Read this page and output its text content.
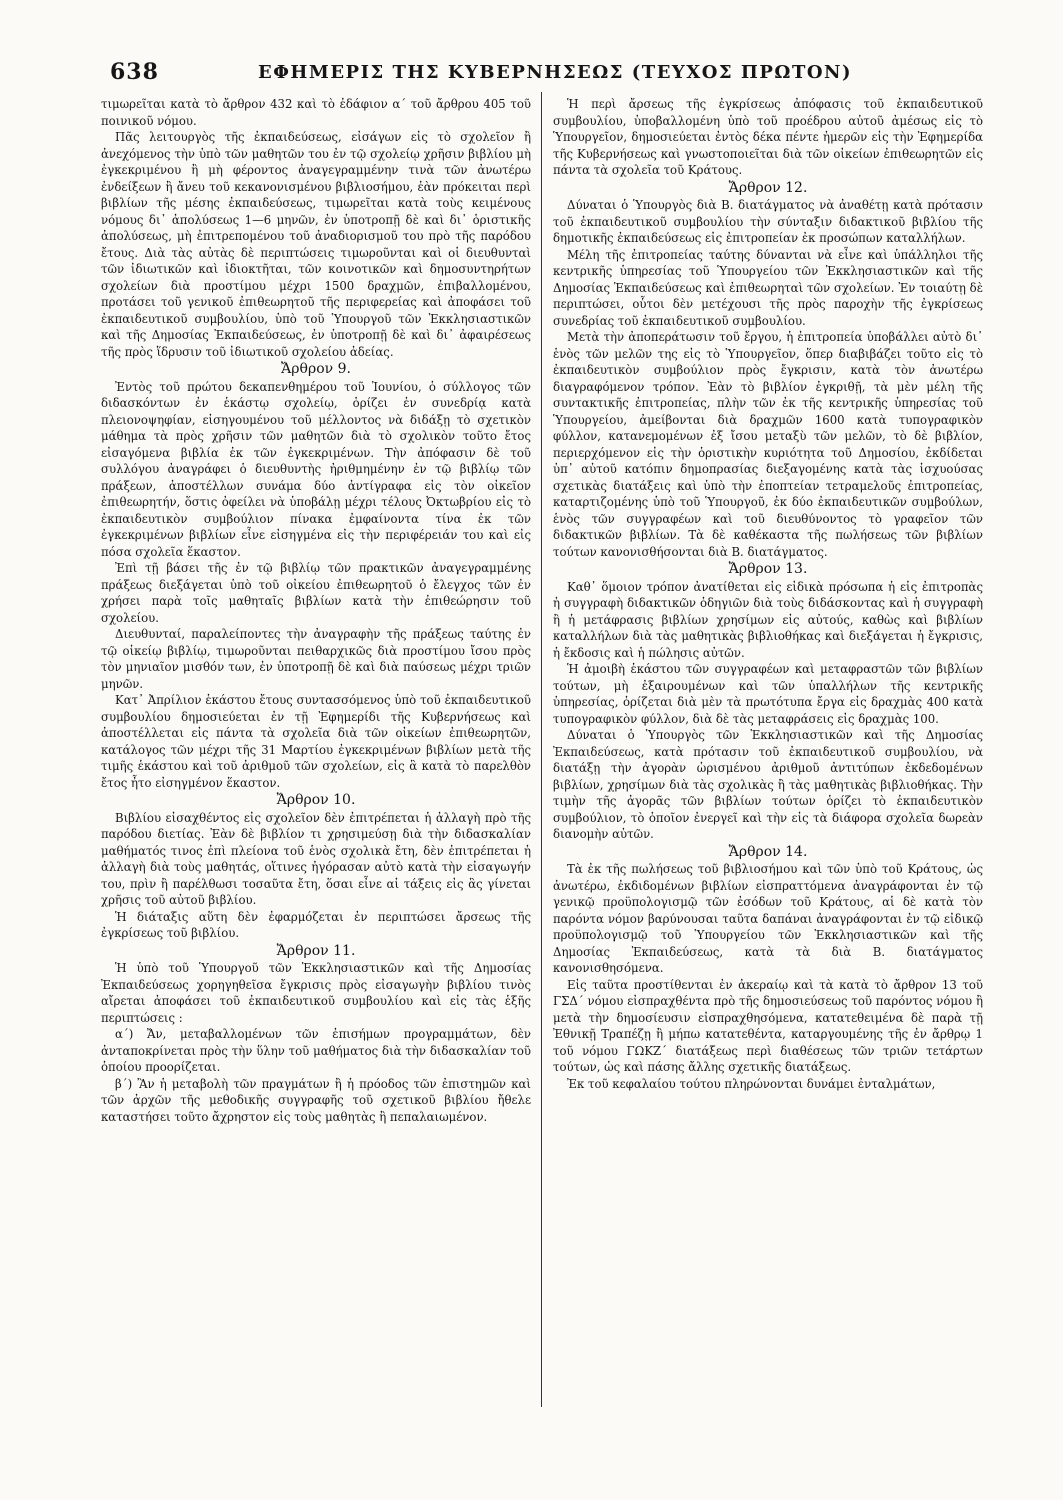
638	ΕΦΗΜΕΡΙΣ ΤΗΣ ΚΥΒΕΡΝΗΣΕΩΣ (ΤΕΥΧΟΣ ΠΡΩΤΟΝ)

τιμωρεῖται κατὰ τὸ ἄρθρον 432 καὶ τὸ ἐδάφιον α΄ τοῦ ἄρθρου 405 τοῦ ποινικοῦ νόμου.

Πᾶς λειτουργὸς τῆς ἐκπαιδεύσεως, εἰσάγων εἰς τὸ σχολεῖον ἢ ἀνεχόμενος τὴν ὑπὸ τῶν μαθητῶν του ἐν τῷ σχολείῳ χρῆσιν βιβλίου μὴ ἐγκεκριμένου ἢ μὴ φέροντος ἀναγεγραμμένην τινὰ τῶν ἀνωτέρω ἐνδείξεων ἢ ἄνευ τοῦ κεκανονισμένου βιβλιοσήμου, ἐὰν πρόκειται περὶ βιβλίων τῆς μέσης ἐκπαιδεύσεως, τιμωρεῖται κατὰ τοὺς κειμένους νόμους δι᾽ ἀπολύσεως 1—6 μηνῶν, ἐν ὑποτροπῇ δὲ καὶ δι᾽ ὁριστικῆς ἀπολύσεως, μὴ ἐπιτρεπομένου τοῦ ἀναδιορισμοῦ του πρὸ τῆς παρόδου ἔτους. Διὰ τὰς αὐτὰς δὲ περιπτώσεις τιμωροῦνται καὶ οἱ διευθυνταὶ τῶν ἰδιωτικῶν καὶ ἰδιοκτῆται, τῶν κοινοτικῶν καὶ δημοσυντηρήτων σχολείων διὰ προστίμου μέχρι 1500 δραχμῶν, ἐπιβαλλομένου, προτάσει τοῦ γενικοῦ ἐπιθεωρητοῦ τῆς περιφερείας καὶ ἀποφάσει τοῦ ἐκπαιδευτικοῦ συμβουλίου, ὑπὸ τοῦ Ὑπουργοῦ τῶν Ἐκκλησιαστικῶν καὶ τῆς Δημοσίας Ἐκπαιδεύσεως, ἐν ὑποτροπῇ δὲ καὶ δι᾽ ἀφαιρέσεως τῆς πρὸς ἵδρυσιν τοῦ ἰδιωτικοῦ σχολείου ἀδείας.

Ἄρθρον 9.

Ἐντὸς τοῦ πρώτου δεκαπενθημέρου τοῦ Ἰουνίου, ὁ σύλλογος τῶν διδασκόντων ἐν ἑκάστῳ σχολείῳ, ὁρίζει ἐν συνεδρίᾳ κατὰ πλειονοψηφίαν, εἰσηγουμένου τοῦ μέλλοντος νὰ διδάξῃ τὸ σχετικὸν μάθημα τὰ πρὸς χρῆσιν τῶν μαθητῶν διὰ τὸ σχολικὸν τοῦτο ἔτος εἰσαγόμενα βιβλία ἐκ τῶν ἐγκεκριμένων. Τὴν ἀπόφασιν δὲ τοῦ συλλόγου ἀναγράφει ὁ διευθυντὴς ἠριθμημένην ἐν τῷ βιβλίῳ τῶν πράξεων, ἀποστέλλων συνάμα δύο ἀντίγραφα εἰς τὸν οἰκεῖον ἐπιθεωρητήν, ὅστις ὀφείλει νὰ ὑποβάλῃ μέχρι τέλους Ὀκτωβρίου εἰς τὸ ἐκπαιδευτικὸν συμβούλιον πίνακα ἐμφαίνοντα τίνα ἐκ τῶν ἐγκεκριμένων βιβλίων εἶνε εἰσηγμένα εἰς τὴν περιφέρειάν του καὶ εἰς πόσα σχολεῖα ἕκαστον.

Ἐπὶ τῇ βάσει τῆς ἐν τῷ βιβλίῳ τῶν πρακτικῶν ἀναγεγραμμένης πράξεως διεξάγεται ὑπὸ τοῦ οἰκείου ἐπιθεωρητοῦ ὁ ἔλεγχος τῶν ἐν χρήσει παρὰ τοῖς μαθηταῖς βιβλίων κατὰ τὴν ἐπιθεώρησιν τοῦ σχολείου.

Διευθυνταί, παραλείποντες τὴν ἀναγραφὴν τῆς πράξεως ταύτης ἐν τῷ οἰκείῳ βιβλίῳ, τιμωροῦνται πειθαρχικῶς διὰ προστίμου ἴσου πρὸς τὸν μηνιαῖον μισθόν των, ἐν ὑποτροπῇ δὲ καὶ διὰ παύσεως μέχρι τριῶν μηνῶν.

Κατ᾽ Ἀπρίλιον ἑκάστου ἔτους συντασσόμενος ὑπὸ τοῦ ἐκπαιδευτικοῦ συμβουλίου δημοσιεύεται ἐν τῇ Ἐφημερίδι τῆς Κυβερνήσεως καὶ ἀποστέλλεται εἰς πάντα τὰ σχολεῖα διὰ τῶν οἰκείων ἐπιθεωρητῶν, κατάλογος τῶν μέχρι τῆς 31 Μαρτίου ἐγκεκριμένων βιβλίων μετὰ τῆς τιμῆς ἑκάστου καὶ τοῦ ἀριθμοῦ τῶν σχολείων, εἰς ἃ κατὰ τὸ παρελθὸν ἔτος ἦτο εἰσηγμένον ἕκαστον.

Ἄρθρον 10.

Βιβλίου εἰσαχθέντος εἰς σχολεῖον δὲν ἐπιτρέπεται ἡ ἀλλαγὴ πρὸ τῆς παρόδου διετίας. Ἐὰν δὲ βιβλίον τι χρησιμεύσῃ διὰ τὴν διδασκαλίαν μαθήματός τινος ἐπὶ πλείονα τοῦ ἑνὸς σχολικὰ ἔτη, δὲν ἐπιτρέπεται ἡ ἀλλαγὴ διὰ τοὺς μαθητάς, οἵτινες ἠγόρασαν αὐτὸ κατὰ τὴν εἰσαγωγήν του, πρὶν ἢ παρέλθωσι τοσαῦτα ἔτη, ὅσαι εἶνε αἱ τάξεις εἰς ἃς γίνεται χρῆσις τοῦ αὐτοῦ βιβλίου.

Ἡ διάταξις αὕτη δὲν ἐφαρμόζεται ἐν περιπτώσει ἄρσεως τῆς ἐγκρίσεως τοῦ βιβλίου.

Ἄρθρον 11.

Ἡ ὑπὸ τοῦ Ὑπουργοῦ τῶν Ἐκκλησιαστικῶν καὶ τῆς Δημοσίας Ἐκπαιδεύσεως χορηγηθεῖσα ἔγκρισις πρὸς εἰσαγωγὴν βιβλίου τινὸς αἴρεται ἀποφάσει τοῦ ἐκπαιδευτικοῦ συμβουλίου καὶ εἰς τὰς ἑξῆς περιπτώσεις :

α΄) Ἄν, μεταβαλλομένων τῶν ἐπισήμων προγραμμάτων, δὲν ἀνταποκρίνεται πρὸς τὴν ὕλην τοῦ μαθήματος διὰ τὴν διδασκαλίαν τοῦ ὁποίου προορίζεται.

β΄) Ἂν ἡ μεταβολὴ τῶν πραγμάτων ἢ ἡ πρόοδος τῶν ἐπιστημῶν καὶ τῶν ἀρχῶν τῆς μεθοδικῆς συγγραφῆς τοῦ σχετικοῦ βιβλίου ἤθελε καταστήσει τοῦτο ἄχρηστον εἰς τοὺς μαθητὰς ἢ πεπαλαιωμένον.

Ἡ περὶ ἄρσεως τῆς ἐγκρίσεως ἀπόφασις τοῦ ἐκπαιδευτικοῦ συμβουλίου, ὑποβαλλομένη ὑπὸ τοῦ προέδρου αὐτοῦ ἀμέσως εἰς τὸ Ὑπουργεῖον, δημοσιεύεται ἐντὸς δέκα πέντε ἡμερῶν εἰς τὴν Ἐφημερίδα τῆς Κυβερνήσεως καὶ γνωστοποιεῖται διὰ τῶν οἰκείων ἐπιθεωρητῶν εἰς πάντα τὰ σχολεῖα τοῦ Κράτους.

Ἄρθρον 12.

Δύναται ὁ Ὑπουργὸς διὰ Β. διατάγματος νὰ ἀναθέτῃ κατὰ πρότασιν τοῦ ἐκπαιδευτικοῦ συμβουλίου τὴν σύνταξιν διδακτικοῦ βιβλίου τῆς δημοτικῆς ἐκπαιδεύσεως εἰς ἐπιτροπείαν ἐκ προσώπων καταλλήλων.

Μέλη τῆς ἐπιτροπείας ταύτης δύνανται νὰ εἶνε καὶ ὑπάλληλοι τῆς κεντρικῆς ὑπηρεσίας τοῦ Ὑπουργείου τῶν Ἐκκλησιαστικῶν καὶ τῆς Δημοσίας Ἐκπαιδεύσεως καὶ ἐπιθεωρηταὶ τῶν σχολείων. Ἐν τοιαύτῃ δὲ περιπτώσει, οὗτοι δὲν μετέχουσι τῆς πρὸς παροχὴν τῆς ἐγκρίσεως συνεδρίας τοῦ ἐκπαιδευτικοῦ συμβουλίου.

Μετὰ τὴν ἀποπεράτωσιν τοῦ ἔργου, ἡ ἐπιτροπεία ὑποβάλλει αὐτὸ δι᾽ ἑνὸς τῶν μελῶν της εἰς τὸ Ὑπουργεῖον, ὅπερ διαβιβάζει τοῦτο εἰς τὸ ἐκπαιδευτικὸν συμβούλιον πρὸς ἔγκρισιν, κατὰ τὸν ἀνωτέρω διαγραφόμενον τρόπον. Ἐὰν τὸ βιβλίον ἐγκριθῇ, τὰ μὲν μέλη τῆς συντακτικῆς ἐπιτροπείας, πλὴν τῶν ἐκ τῆς κεντρικῆς ὑπηρεσίας τοῦ Ὑπουργείου, ἀμείβονται διὰ δραχμῶν 1600 κατὰ τυπογραφικὸν φύλλον, κατανεμομένων ἐξ ἴσου μεταξὺ τῶν μελῶν, τὸ δὲ βιβλίον, περιερχόμενον εἰς τὴν ὁριστικὴν κυριότητα τοῦ Δημοσίου, ἐκδίδεται ὑπ᾽ αὐτοῦ κατόπιν δημοπρασίας διεξαγομένης κατὰ τὰς ἰσχυούσας σχετικὰς διατάξεις καὶ ὑπὸ τὴν ἐποπτείαν τετραμελοῦς ἐπιτροπείας, καταρτιζομένης ὑπὸ τοῦ Ὑπουργοῦ, ἐκ δύο ἐκπαιδευτικῶν συμβούλων, ἑνὸς τῶν συγγραφέων καὶ τοῦ διευθύνοντος τὸ γραφεῖον τῶν διδακτικῶν βιβλίων. Τὰ δὲ καθέκαστα τῆς πωλήσεως τῶν βιβλίων τούτων κανονισθήσονται διὰ Β. διατάγματος.

Ἄρθρον 13.

Καθ᾽ ὅμοιον τρόπον ἀνατίθεται εἰς εἰδικὰ πρόσωπα ἡ εἰς ἐπιτροπὰς ἡ συγγραφὴ διδακτικῶν ὁδηγιῶν διὰ τοὺς διδάσκοντας καὶ ἡ συγγραφὴ ἢ ἡ μετάφρασις βιβλίων χρησίμων εἰς αὐτούς, καθὼς καὶ βιβλίων καταλλήλων διὰ τὰς μαθητικὰς βιβλιοθήκας καὶ διεξάγεται ἡ ἔγκρισις, ἡ ἔκδοσις καὶ ἡ πώλησις αὐτῶν.

Ἡ ἀμοιβὴ ἑκάστου τῶν συγγραφέων καὶ μεταφραστῶν τῶν βιβλίων τούτων, μὴ ἐξαιρουμένων καὶ τῶν ὑπαλλήλων τῆς κεντρικῆς ὑπηρεσίας, ὁρίζεται διὰ μὲν τὰ πρωτότυπα ἔργα εἰς δραχμὰς 400 κατὰ τυπογραφικὸν φύλλον, διὰ δὲ τὰς μεταφράσεις εἰς δραχμὰς 100.

Δύναται ὁ Ὑπουργὸς τῶν Ἐκκλησιαστικῶν καὶ τῆς Δημοσίας Ἐκπαιδεύσεως, κατὰ πρότασιν τοῦ ἐκπαιδευτικοῦ συμβουλίου, νὰ διατάξῃ τὴν ἀγορὰν ὡρισμένου ἀριθμοῦ ἀντιτύπων ἐκδεδομένων βιβλίων, χρησίμων διὰ τὰς σχολικὰς ἢ τὰς μαθητικὰς βιβλιοθήκας. Τὴν τιμὴν τῆς ἀγορᾶς τῶν βιβλίων τούτων ὁρίζει τὸ ἐκπαιδευτικὸν συμβούλιον, τὸ ὁποῖον ἐνεργεῖ καὶ τὴν εἰς τὰ διάφορα σχολεῖα δωρεὰν διανομὴν αὐτῶν.

Ἄρθρον 14.

Τὰ ἐκ τῆς πωλήσεως τοῦ βιβλιοσήμου καὶ τῶν ὑπὸ τοῦ Κράτους, ὡς ἀνωτέρω, ἐκδιδομένων βιβλίων εἰσπραττόμενα ἀναγράφονται ἐν τῷ γενικῷ προϋπολογισμῷ τῶν ἐσόδων τοῦ Κράτους, αἱ δὲ κατὰ τὸν παρόντα νόμον βαρύνουσαι ταῦτα δαπάναι ἀναγράφονται ἐν τῷ εἰδικῷ προϋπολογισμῷ τοῦ Ὑπουργείου τῶν Ἐκκλησιαστικῶν καὶ τῆς Δημοσίας Ἐκπαιδεύσεως, κατὰ τὰ διὰ Β. διατάγματος κανονισθησόμενα.

Εἰς ταῦτα προστίθενται ἐν ἀκεραίῳ καὶ τὰ κατὰ τὸ ἄρθρον 13 τοῦ ΓΣΔ΄ νόμου εἰσπραχθέντα πρὸ τῆς δημοσιεύσεως τοῦ παρόντος νόμου ἢ μετὰ τὴν δημοσίευσιν εἰσπραχθησόμενα, κατατεθειμένα δὲ παρὰ τῇ Ἐθνικῇ Τραπέζῃ ἢ μήπω κατατεθέντα, καταργουμένης τῆς ἐν ἄρθρῳ 1 τοῦ νόμου ΓΩΚΖ΄ διατάξεως περὶ διαθέσεως τῶν τριῶν τετάρτων τούτων, ὡς καὶ πάσης ἄλλης σχετικῆς διατάξεως.

Ἐκ τοῦ κεφαλαίου τούτου πληρώνονται δυνάμει ἐνταλμάτων,
